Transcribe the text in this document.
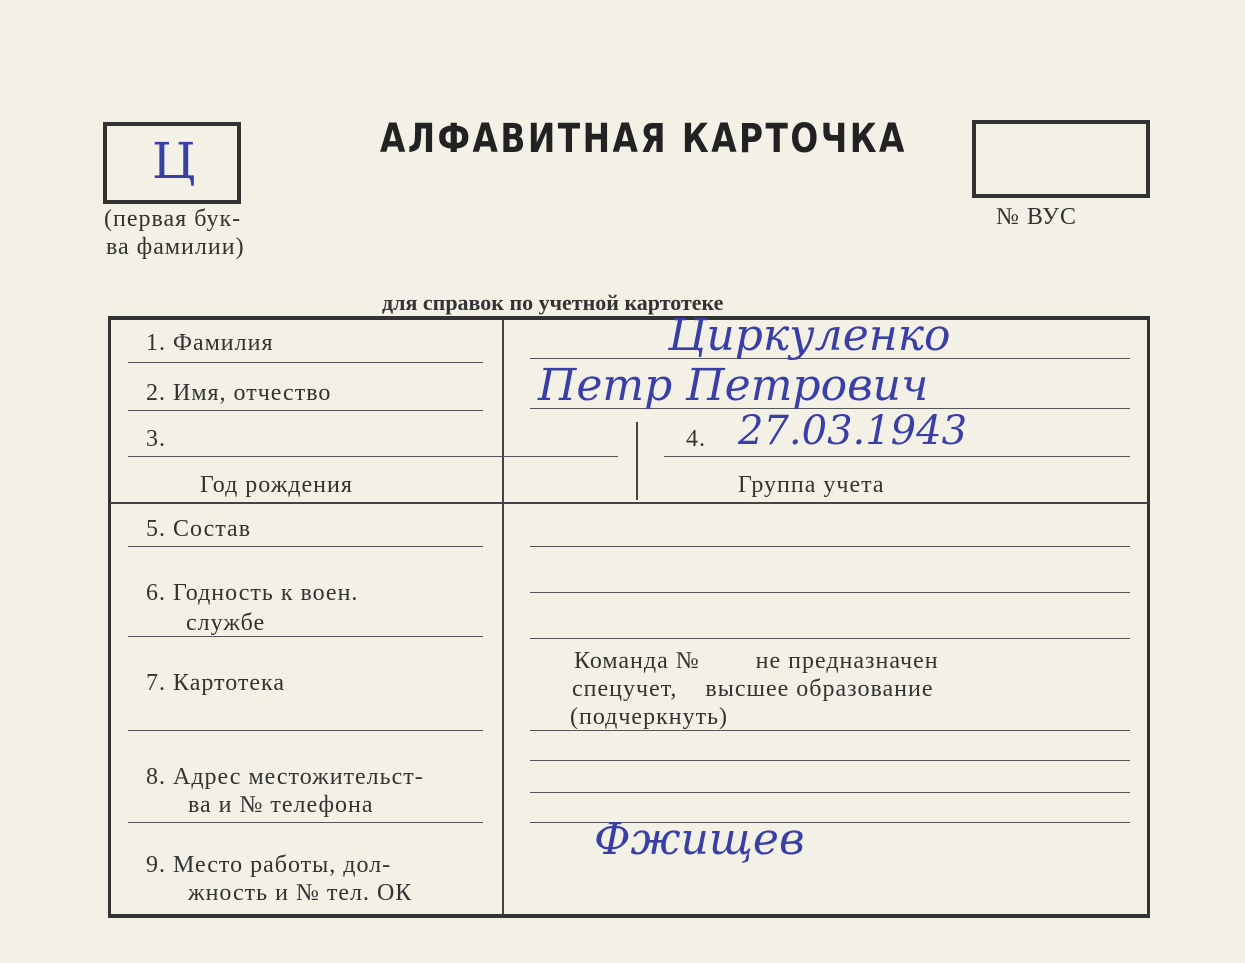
Ц
(первая бук-
ва фамилии)
АЛФАВИТНАЯ КАРТОЧКА
№ ВУС
для справок по учетной картотеке
1. Фамилия	Циркуленко
2. Имя, отчество	Петр Петрович
3.
Год рождения
4. 27.03.1943
Группа учета
5. Состав
6. Годность к воен.
службе
7. Картотека
Команда №        не предназначен
спецучет,    высшее образование
(подчеркнуть)
8. Адрес местожительст-
ва и № телефона
9. Место работы, дол-
жность и № тел. ОК
Фжищев
